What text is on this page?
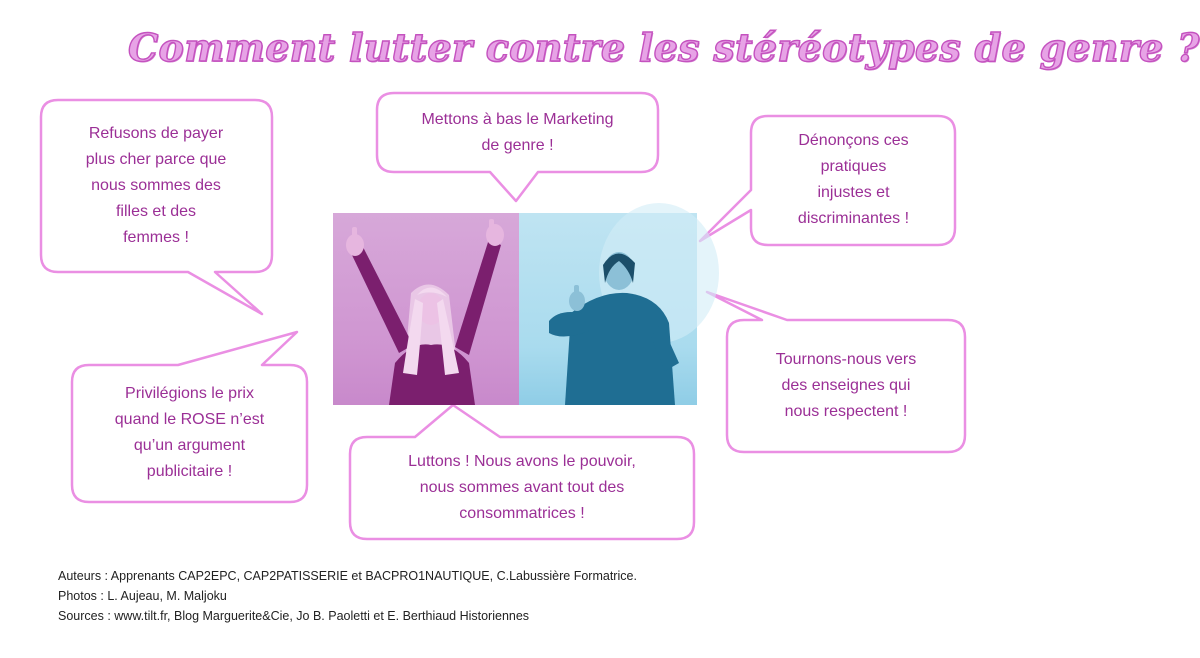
Comment lutter contre les stéréotypes de genre ?
Refusons de payer
plus cher parce que
nous sommes des
filles et des
femmes !
Mettons à bas le Marketing
de genre !	Dénonçons ces
pratiques
injustes et
discriminantes !
Privilégions le prix
quand le ROSE n’est
qu’un argument
publicitaire !
Tournons-nous vers
des enseignes qui
nous respectent !
Luttons ! Nous avons le pouvoir,
nous sommes avant tout des
consommatrices !
Auteurs : Apprenants CAP2EPC, CAP2PATISSERIE et BACPRO1NAUTIQUE, C.Labussière Formatrice.
Photos : L. Aujeau, M. Maljoku
Sources : www.tilt.fr, Blog Marguerite&Cie, Jo B. Paoletti et E. Berthiaud Historiennes
